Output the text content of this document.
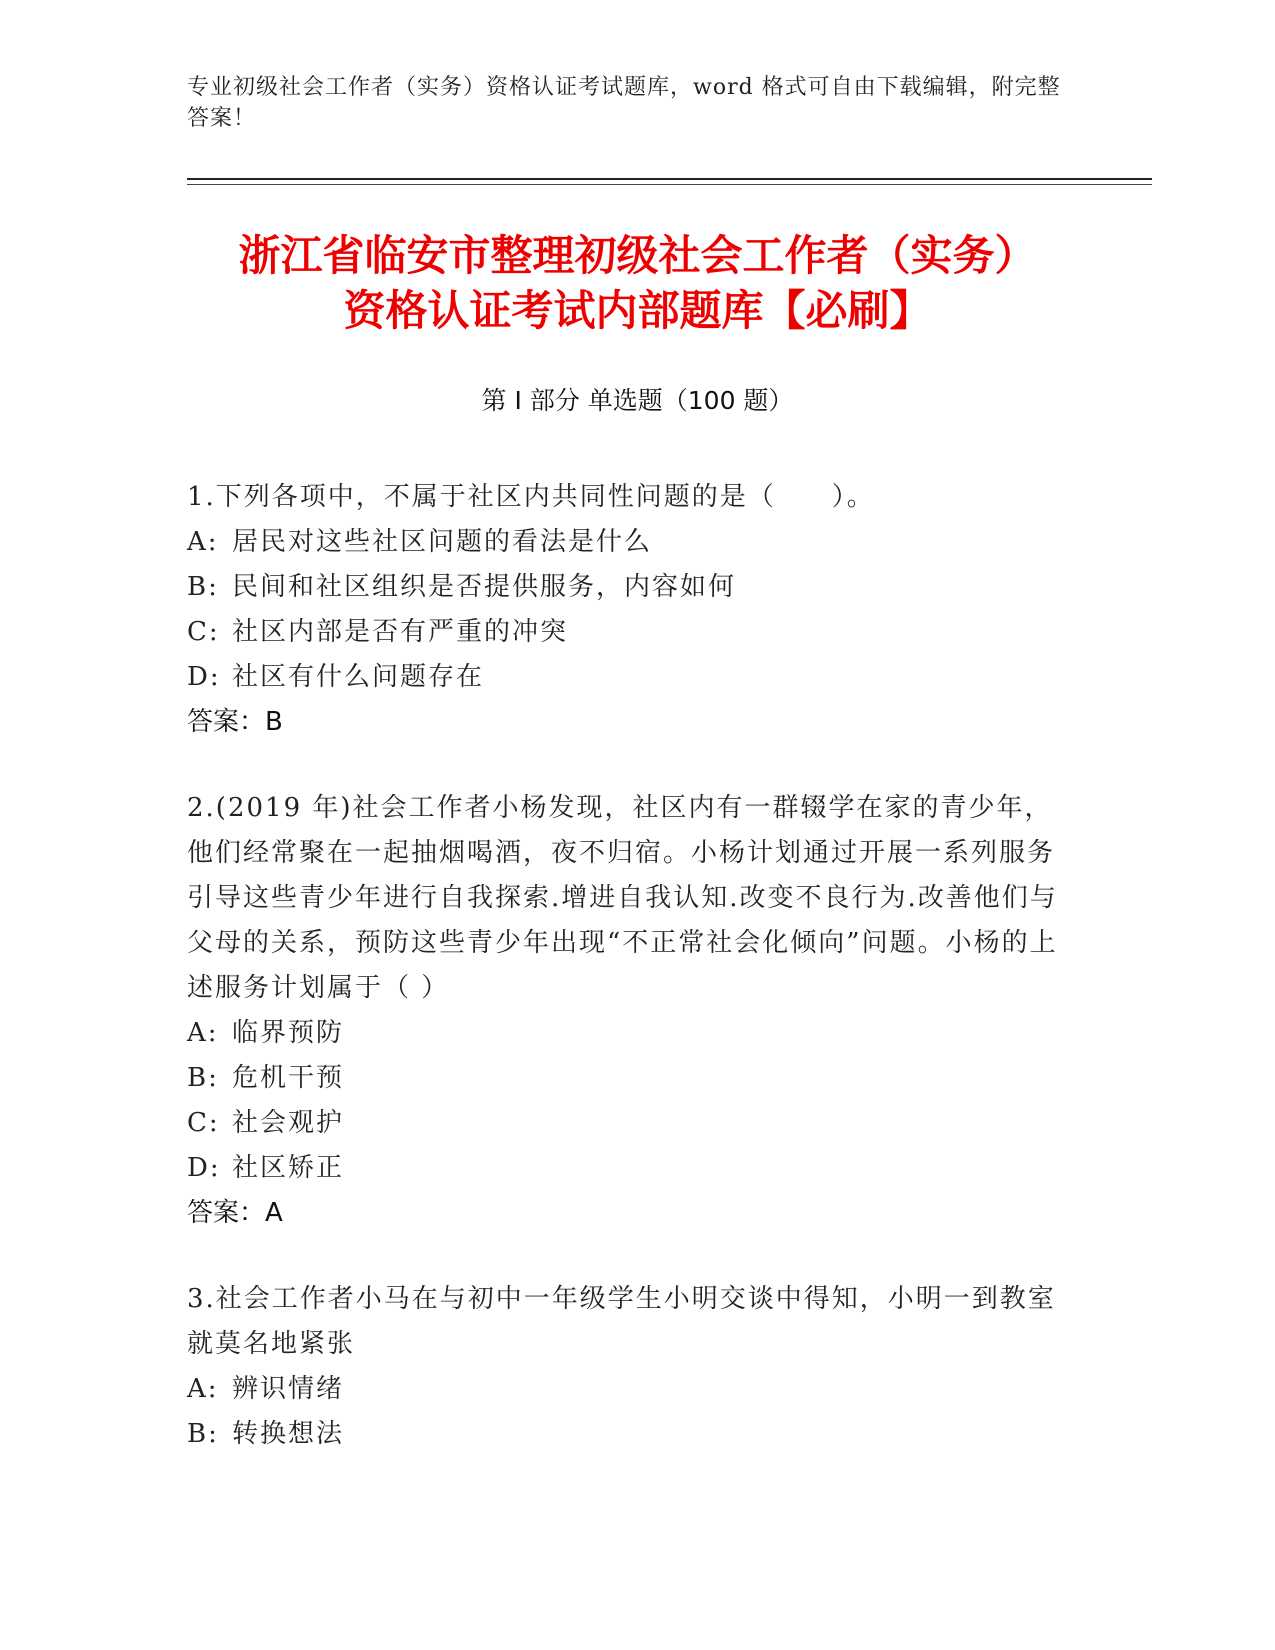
专业初级社会工作者（实务）资格认证考试题库，word 格式可自由下载编辑，附完整答案！
浙江省临安市整理初级社会工作者（实务）
资格认证考试内部题库【必刷】
第 I 部分 单选题（100 题）
1.下列各项中，不属于社区内共同性问题的是（　　）。
A: 居民对这些社区问题的看法是什么
B: 民间和社区组织是否提供服务，内容如何
C: 社区内部是否有严重的冲突
D: 社区有什么问题存在
答案：B
2.(2019 年)社会工作者小杨发现，社区内有一群辍学在家的青少年，他们经常聚在一起抽烟喝酒，夜不归宿。小杨计划通过开展一系列服务引导这些青少年进行自我探索.增进自我认知.改变不良行为.改善他们与父母的关系，预防这些青少年出现“不正常社会化倾向”问题。小杨的上述服务计划属于（ ）
A: 临界预防
B: 危机干预
C: 社会观护
D: 社区矫正
答案：A
3.社会工作者小马在与初中一年级学生小明交谈中得知，小明一到教室就莫名地紧张
A: 辨识情绪
B: 转换想法
